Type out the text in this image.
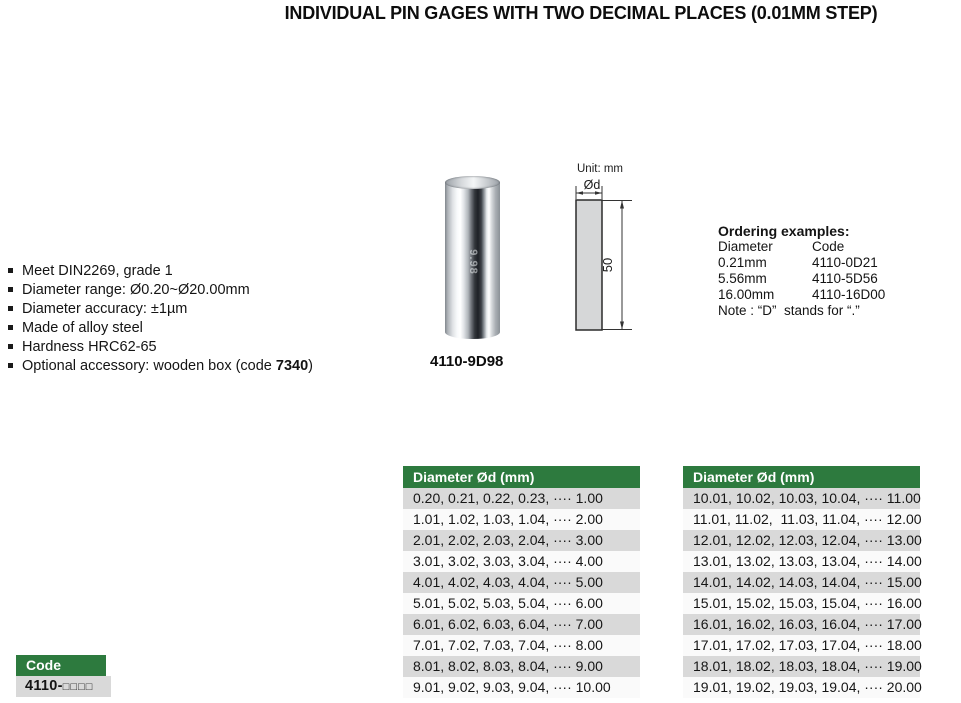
INDIVIDUAL PIN GAGES WITH TWO DECIMAL PLACES (0.01MM STEP)
Meet DIN2269, grade 1
Diameter range: Ø0.20~Ø20.00mm
Diameter accuracy: ±1µm
Made of alloy steel
Hardness HRC62-65
Optional accessory: wooden box (code 7340)
9.98
4110-9D98
Unit: mm
Ød
50
Ordering examples:
Diameter	Code
0.21mm	4110-0D21
5.56mm	4110-5D56
16.00mm	4110-16D00
Note : “D”  stands for “.”
Diameter Ød (mm)
0.20, 0.21, 0.22, 0.23, ···· 1.00
1.01, 1.02, 1.03, 1.04, ···· 2.00
2.01, 2.02, 2.03, 2.04, ···· 3.00
3.01, 3.02, 3.03, 3.04, ···· 4.00
4.01, 4.02, 4.03, 4.04, ···· 5.00
5.01, 5.02, 5.03, 5.04, ···· 6.00
6.01, 6.02, 6.03, 6.04, ···· 7.00
7.01, 7.02, 7.03, 7.04, ···· 8.00
8.01, 8.02, 8.03, 8.04, ···· 9.00
9.01, 9.02, 9.03, 9.04, ···· 10.00
Diameter Ød (mm)
10.01, 10.02, 10.03, 10.04, ···· 11.00
11.01, 11.02,  11.03, 11.04, ···· 12.00
12.01, 12.02, 12.03, 12.04, ···· 13.00
13.01, 13.02, 13.03, 13.04, ···· 14.00
14.01, 14.02, 14.03, 14.04, ···· 15.00
15.01, 15.02, 15.03, 15.04, ···· 16.00
16.01, 16.02, 16.03, 16.04, ···· 17.00
17.01, 17.02, 17.03, 17.04, ···· 18.00
18.01, 18.02, 18.03, 18.04, ···· 19.00
19.01, 19.02, 19.03, 19.04, ···· 20.00
Code
4110-□□□□
